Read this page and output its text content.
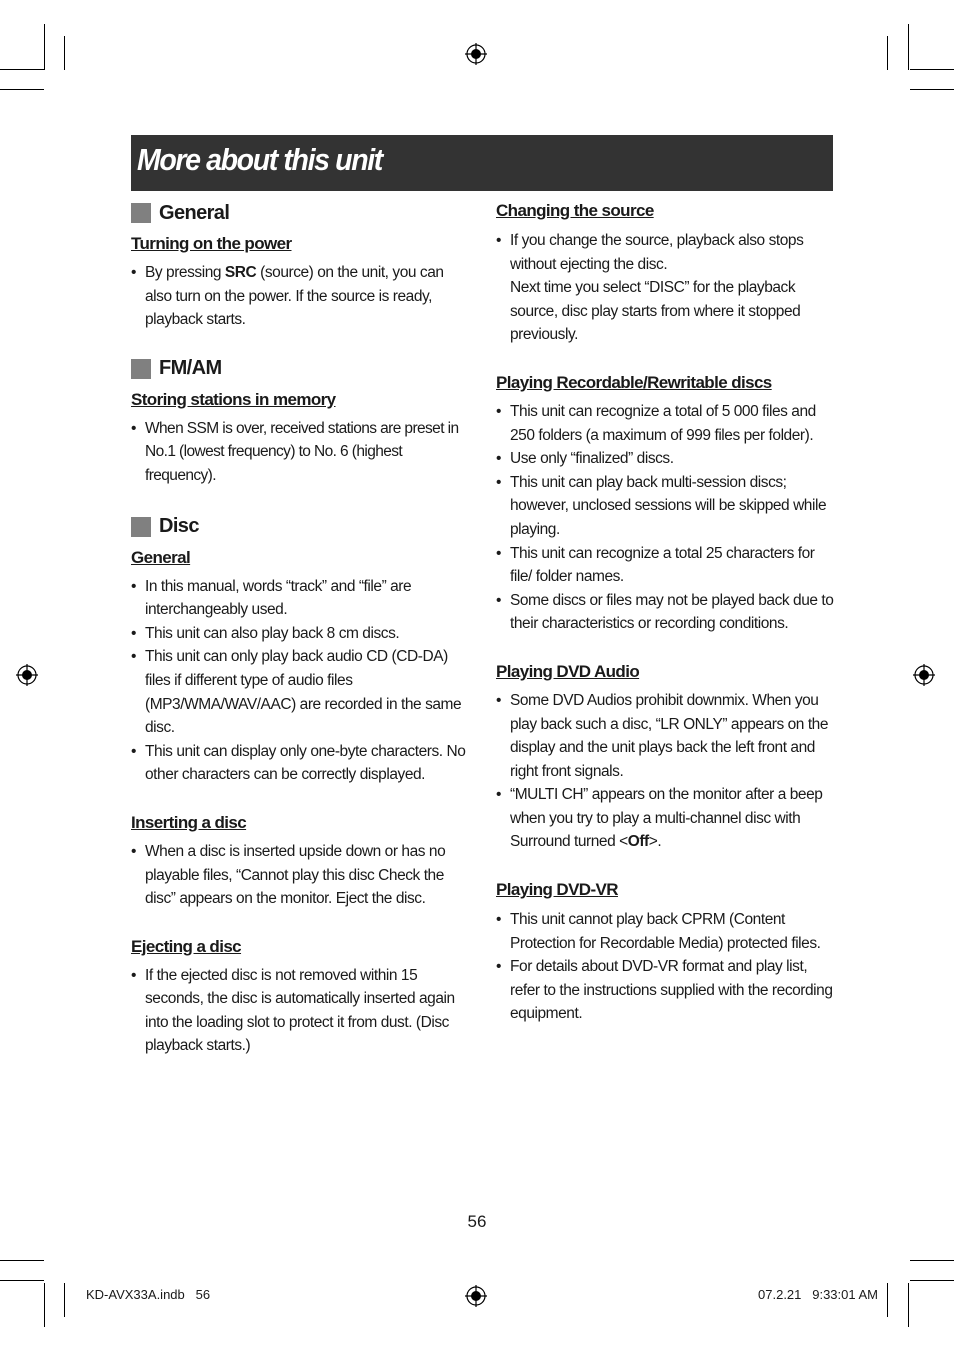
More about this unit
General
Turning on the power
• By pressing SRC (source) on the unit, you can also turn on the power. If the source is ready, playback starts.
FM/AM
Storing stations in memory
• When SSM is over, received stations are preset in No.1 (lowest frequency) to No. 6 (highest frequency).
Disc
General
• In this manual, words “track” and “file” are interchangeably used.
• This unit can also play back 8 cm discs.
• This unit can only play back audio CD (CD-DA) files if different type of audio files (MP3/WMA/WAV/AAC) are recorded in the same disc.
• This unit can display only one-byte characters. No other characters can be correctly displayed.
Inserting a disc
• When a disc is inserted upside down or has no playable files, “Cannot play this disc Check the disc” appears on the monitor. Eject the disc.
Ejecting a disc
• If the ejected disc is not removed within 15 seconds, the disc is automatically inserted again into the loading slot to protect it from dust. (Disc playback starts.)
Changing the source
• If you change the source, playback also stops without ejecting the disc.
Next time you select “DISC” for the playback source, disc play starts from where it stopped previously.
Playing Recordable/Rewritable discs
• This unit can recognize a total of 5 000 files and 250 folders (a maximum of 999 files per folder).
• Use only “finalized” discs.
• This unit can play back multi-session discs; however, unclosed sessions will be skipped while playing.
• This unit can recognize a total 25 characters for file/ folder names.
• Some discs or files may not be played back due to their characteristics or recording conditions.
Playing DVD Audio
• Some DVD Audios prohibit downmix. When you play back such a disc, “LR ONLY” appears on the display and the unit plays back the left front and right front signals.
• “MULTI CH” appears on the monitor after a beep when you try to play a multi-channel disc with Surround turned <Off>.
Playing DVD-VR
• This unit cannot play back CPRM (Content Protection for Recordable Media) protected files.
• For details about DVD-VR format and play list, refer to the instructions supplied with the recording equipment.
56
KD-AVX33A.indb   56	07.2.21   9:33:01 AM
